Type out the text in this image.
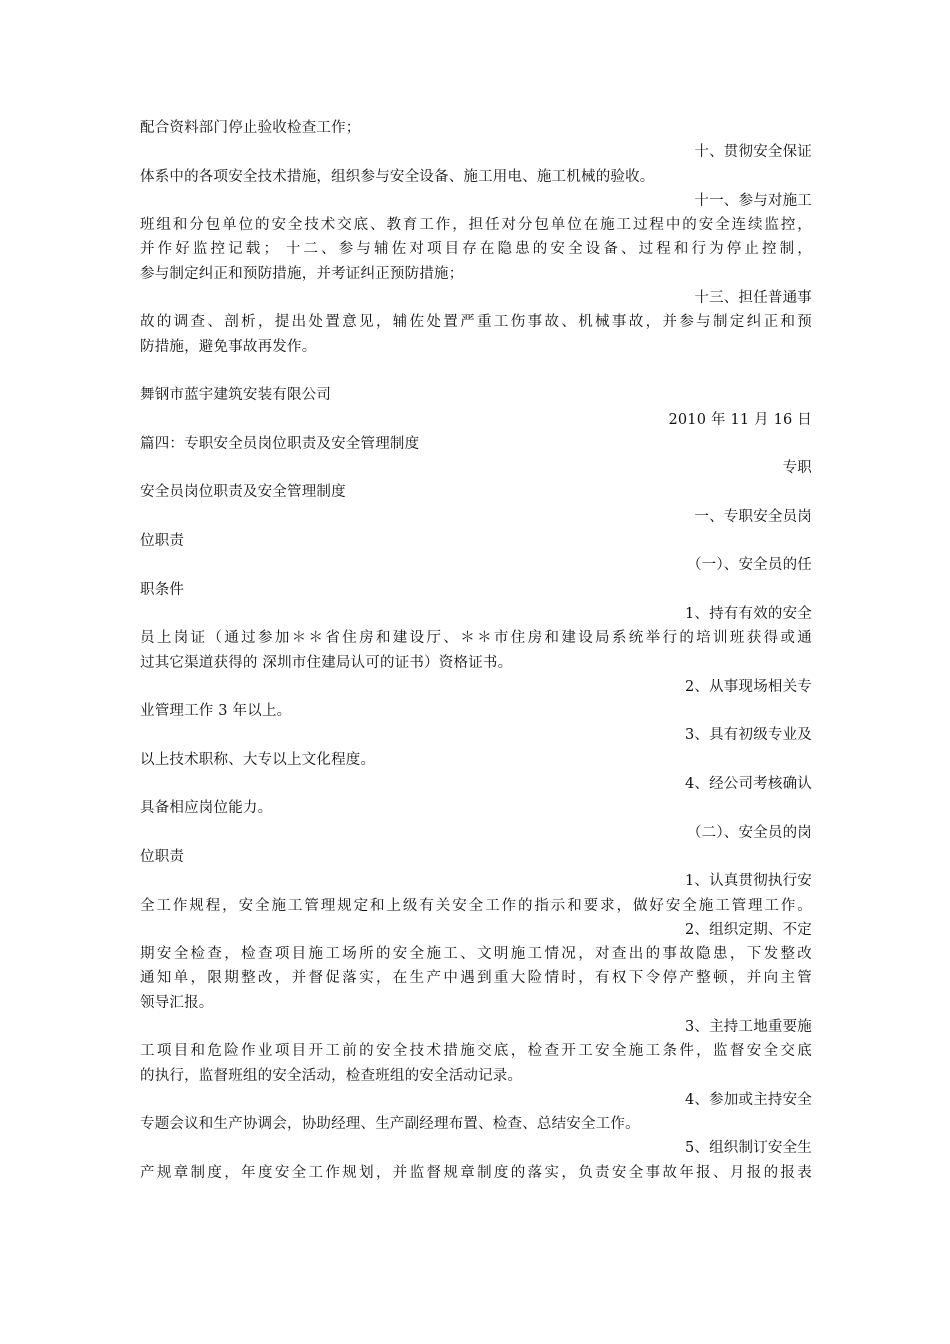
配合资料部门停止验收检查工作；
十、贯彻安全保证
体系中的各项安全技术措施，组织参与安全设备、施工用电、施工机械的验收。
十一、参与对施工
班组和分包单位的安全技术交底、教育工作，担任对分包单位在施工过程中的安全连续监控，
并作好监控记载； 十二、参与辅佐对项目存在隐患的安全设备、过程和行为停止控制，
参与制定纠正和预防措施，并考证纠正预防措施；
十三、担任普通事
故的调查、剖析，提出处置意见，辅佐处置严重工伤事故、机械事故，并参与制定纠正和预
防措施，避免事故再发作。
舞钢市蓝宇建筑安装有限公司
2010 年 11 月 16 日
篇四：专职安全员岗位职责及安全管理制度
专职
安全员岗位职责及安全管理制度
一、专职安全员岗
位职责
（一）、安全员的任
职条件
1、持有有效的安全
员上岗证（通过参加＊＊省住房和建设厅、＊＊市住房和建设局系统举行的培训班获得或通
过其它渠道获得的 深圳市住建局认可的证书）资格证书。
2、从事现场相关专
业管理工作 3 年以上。
3、具有初级专业及
以上技术职称、大专以上文化程度。
4、经公司考核确认
具备相应岗位能力。
（二）、安全员的岗
位职责
1、认真贯彻执行安
全工作规程，安全施工管理规定和上级有关安全工作的指示和要求，做好安全施工管理工作。
2、组织定期、不定
期安全检查，检查项目施工场所的安全施工、文明施工情况，对查出的事故隐患，下发整改
通知单，限期整改，并督促落实，在生产中遇到重大险情时，有权下令停产整顿，并向主管
领导汇报。
3、主持工地重要施
工项目和危险作业项目开工前的安全技术措施交底，检查开工安全施工条件，监督安全交底
的执行，监督班组的安全活动，检查班组的安全活动记录。
4、参加或主持安全
专题会议和生产协调会，协助经理、生产副经理布置、检查、总结安全工作。
5、组织制订安全生
产规章制度，年度安全工作规划，并监督规章制度的落实，负责安全事故年报、月报的报表
